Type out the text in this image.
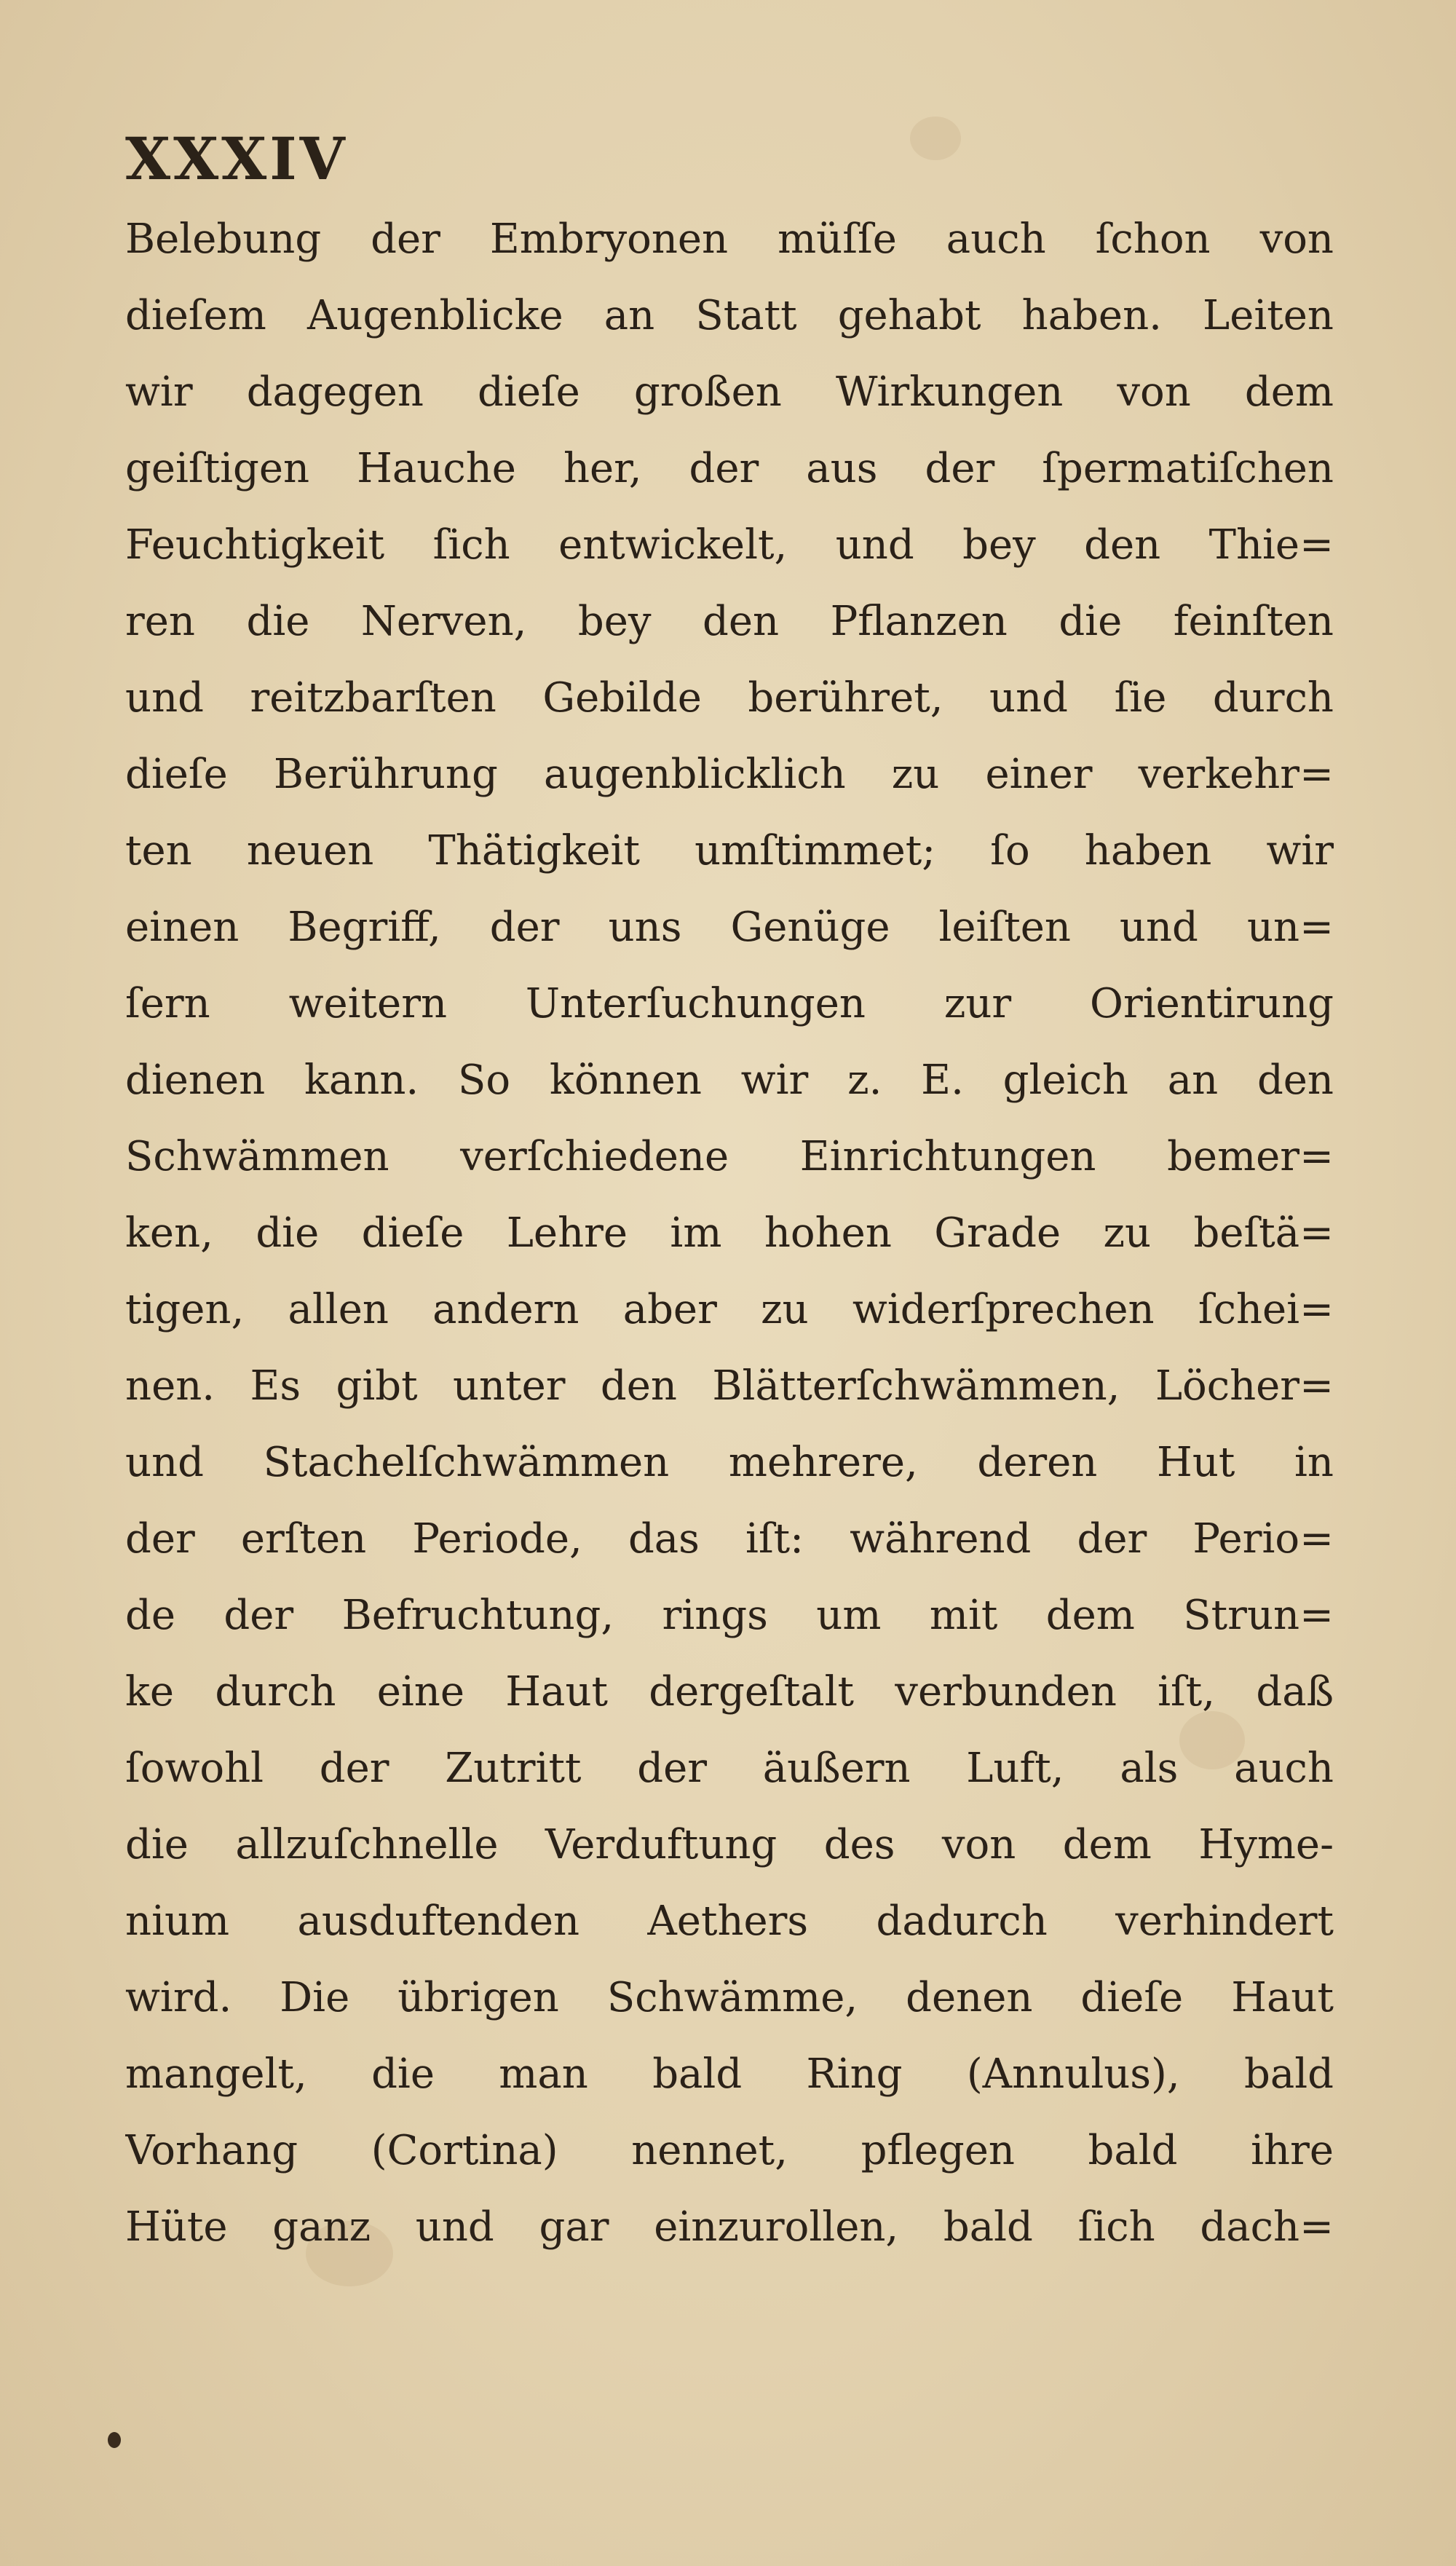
XXXIV
Belebung der Embryonen müſſe auch ſchon von
dieſem Augenblicke an Statt gehabt haben. Leiten
wir dagegen dieſe großen Wirkungen von dem
geiſtigen Hauche her, der aus der ſpermatiſchen
Feuchtigkeit ſich entwickelt, und bey den Thie=
ren die Nerven, bey den Pflanzen die feinſten
und reitzbarſten Gebilde berühret, und ſie durch
dieſe Berührung augenblicklich zu einer verkehr=
ten neuen Thätigkeit umſtimmet; ſo haben wir
einen Begriff, der uns Genüge leiſten und un=
ſern weitern Unterſuchungen zur Orientirung
dienen kann. So können wir z. E. gleich an den
Schwämmen verſchiedene Einrichtungen bemer=
ken, die dieſe Lehre im hohen Grade zu beſtä=
tigen, allen andern aber zu widerſprechen ſchei=
nen. Es gibt unter den Blätterſchwämmen, Löcher=
und Stachelſchwämmen mehrere, deren Hut in
der erſten Periode, das iſt: während der Perio=
de der Befruchtung, rings um mit dem Strun=
ke durch eine Haut dergeſtalt verbunden iſt, daß
ſowohl der Zutritt der äußern Luft, als auch
die allzuſchnelle Verduftung des von dem Hyme-
nium ausduftenden Aethers dadurch verhindert
wird. Die übrigen Schwämme, denen dieſe Haut
mangelt, die man bald Ring (Annulus), bald
Vorhang (Cortina) nennet, pflegen bald ihre
Hüte ganz und gar einzurollen, bald ſich dach=
